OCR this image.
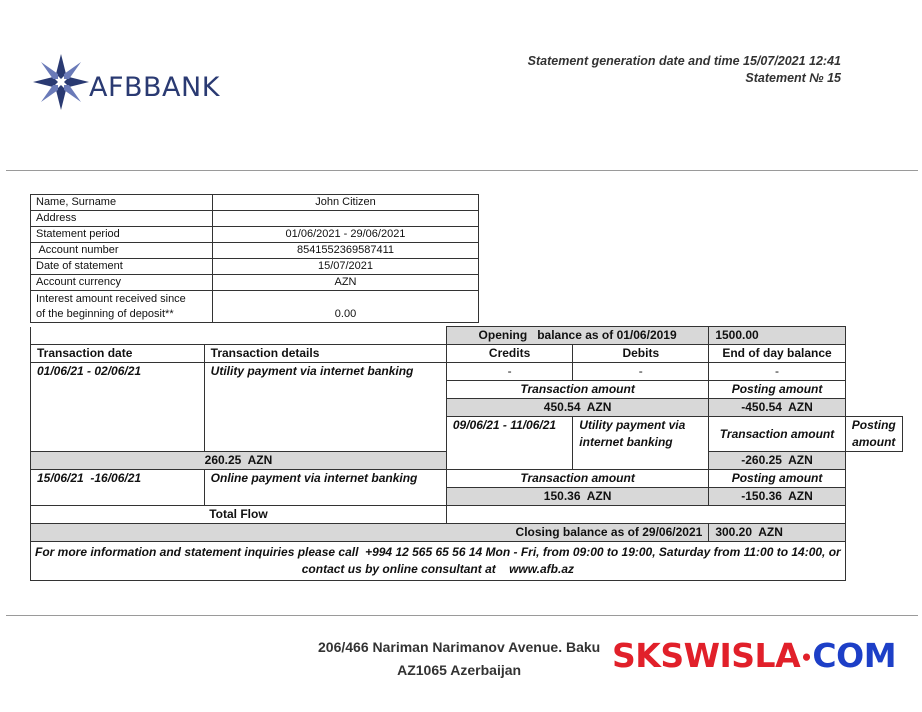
AFBBANK
Statement generation date and time 15/07/2021 12:41
Statement № 15
Name, Surname	John Citizen
Address	
Statement period	01/06/2021 - 29/06/2021
Account number	8541552369587411
Date of statement	15/07/2021
Account currency	AZN

Interest amount received since
of the beginning of deposit**	0.00
		Opening   balance as of 01/06/2019		1500.00	
Transaction date	Transaction details	Credits	Debits	End of day balance	
01/06/21 - 02/06/21	Utility payment via internet banking	-	-	-	
		Transaction amount		Posting amount	
		450.54  AZN		-450.54  AZN	
		09/06/21 - 11/06/21	Utility payment via internet banking	Transaction amount	Posting amount
260.25  AZN				-260.25  AZN	
15/06/21  -16/06/21	Online payment via internet banking	Transaction amount		Posting amount	
		150.36  AZN		-150.36  AZN	
Total Flow					
Closing balance as of 29/06/2021				300.20  AZN	

For more information and statement inquiries please call  +994 12 565 65 56 14 Mon - Fri, from 09:00 to 19:00, Saturday from 11:00 to 14:00, or
contact us by online consultant at    www.afb.az					
206/466 Nariman Narimanov Avenue. Baku
AZ1065 Azerbaijan	SKSWISLA•COM
